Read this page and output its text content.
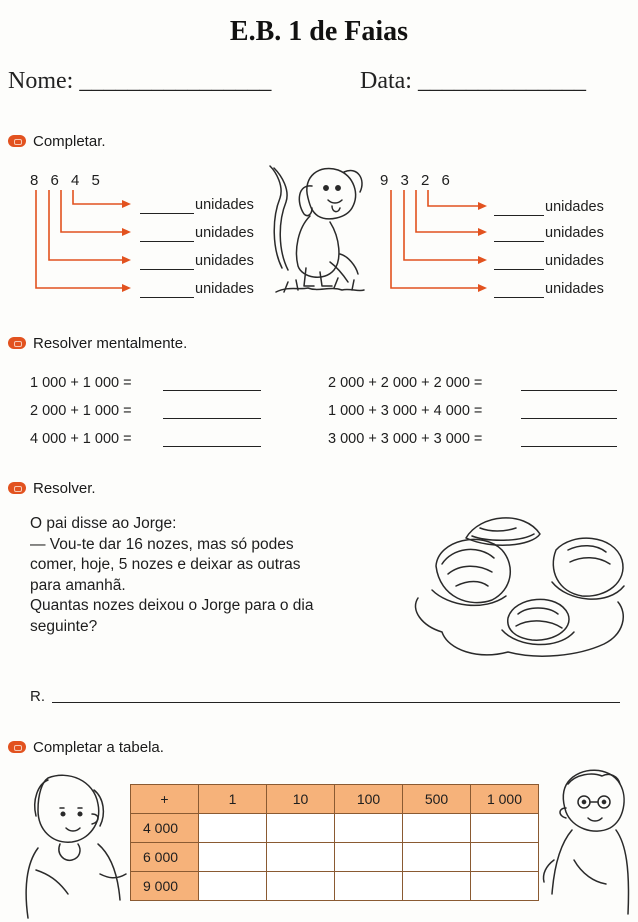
E.B. 1 de Faias
Nome: ________________	Data: ______________
Completar.
8 6 4 5
unidades
unidades
unidades
unidades
9 3 2 6
unidades
unidades
unidades
unidades
Resolver mentalmente.
1 000 + 1 000 =
2 000 + 1 000 =
4 000 + 1 000 =
2 000 + 2 000 + 2 000 =
1 000 + 3 000 + 4 000 =
3 000 + 3 000 + 3 000 =
Resolver.
O pai disse ao Jorge:
— Vou-te dar 16 nozes, mas só podes
comer, hoje, 5 nozes e deixar as outras
para amanhã.
Quantas nozes deixou o Jorge para o dia
seguinte?
R.
Completar a tabela.
+	1	10	100	500	1 000
4 000					
6 000					
9 000					
